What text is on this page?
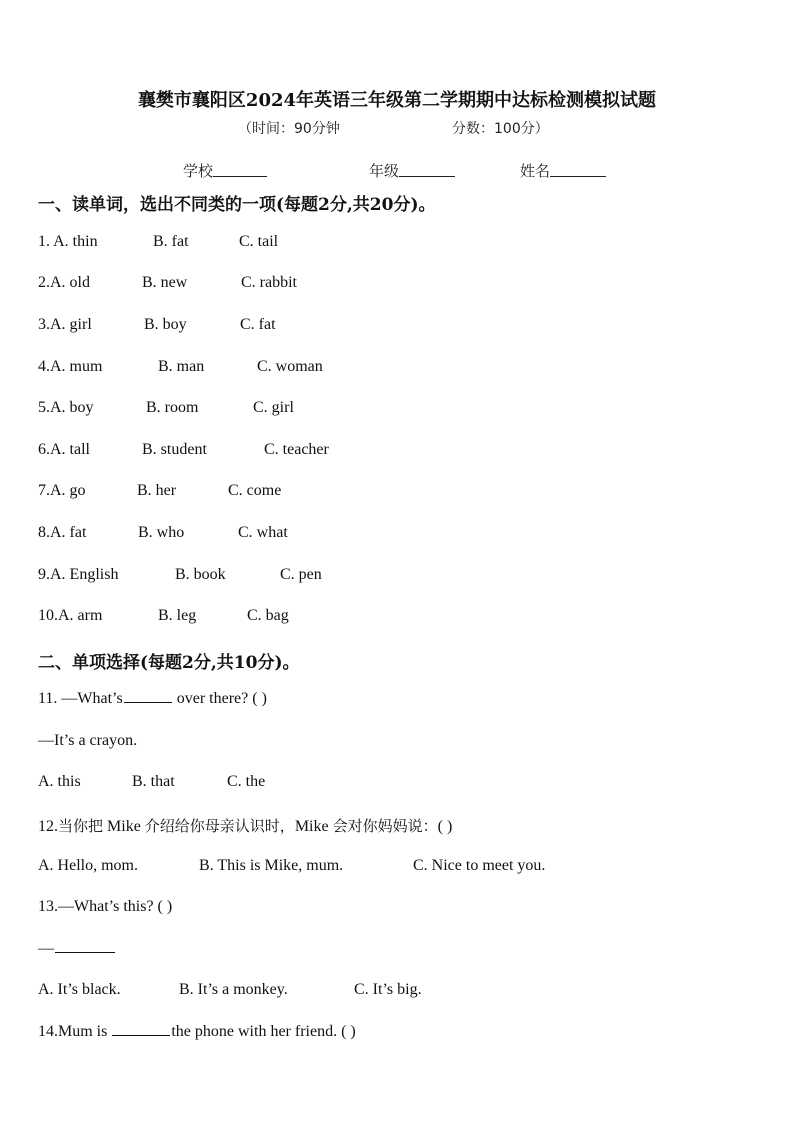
襄樊市襄阳区2024年英语三年级第二学期期中达标检测模拟试题
（时间：90分钟	分数：100分）
学校	年级	姓名
一、读单词，选出不同类的一项(每题2分,共20分)。
1. A. thin	B. fat	C. tail
2.A. old	B. new	C. rabbit
3.A. girl	B. boy	C. fat
4.A. mum	B. man	C. woman
5.A. boy	B. room	C. girl
6.A. tall	B. student	C. teacher
7.A. go	B. her	C. come
8.A. fat	B. who	C. what
9.A. English	B. book	C. pen
10.A. arm	B. leg	C. bag
二、单项选择(每题2分,共10分)。
11. —What’s	over there? ( )
—It’s a crayon.
A. this	B. that	C. the
12.当你把 Mike 介绍给你母亲认识时，Mike 会对你妈妈说：( )
A. Hello, mom.	B. This is Mike, mum.	C. Nice to meet you.
13.—What’s this? ( )
—
A. It’s black.	B. It’s a monkey.	C. It’s big.
14.Mum is	the phone with her friend. ( )
